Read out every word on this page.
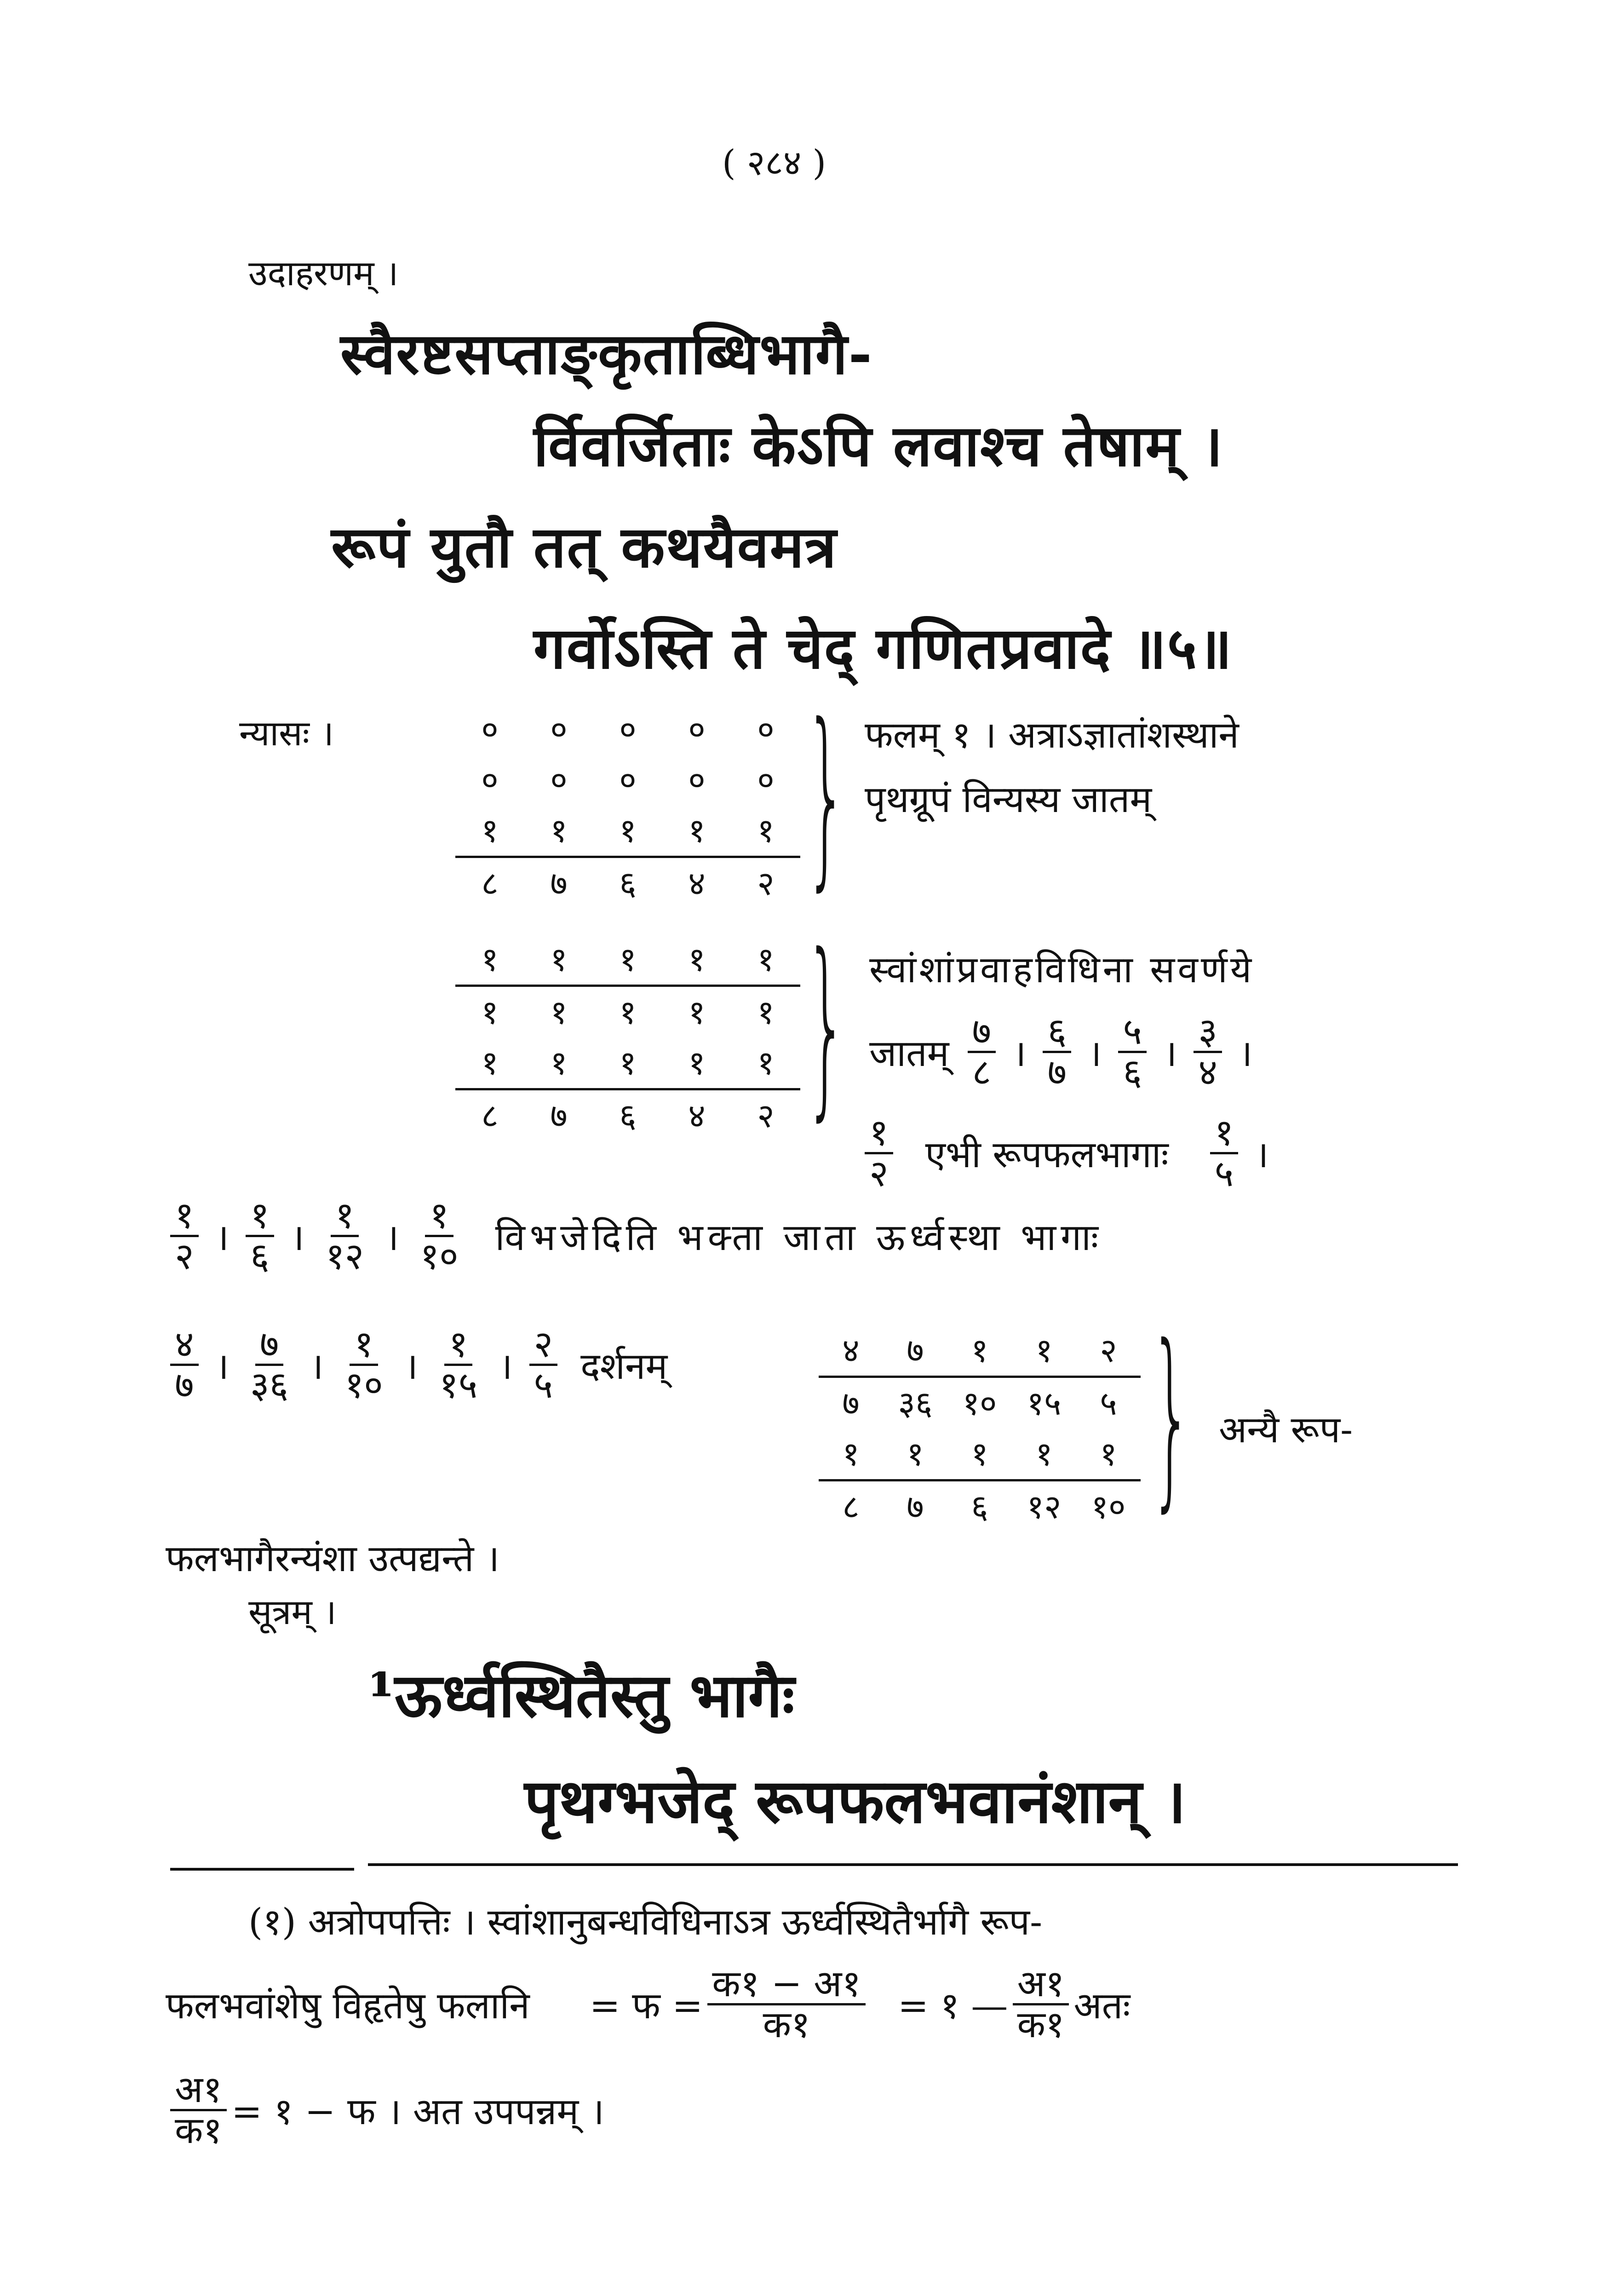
( २८४ )
उदाहरणम् ।
स्वैरष्टसप्ताङ्कृताब्धिभागै-
र्विवर्जिताः केऽपि लवाश्च तेषाम् ।
रूपं युतौ तत् कथयैवमत्र
गर्वोऽस्ति ते चेद् गणितप्रवादे ॥५॥
न्यासः ।	०	०	०	०	०
०	०	०	०	०
१	१	१	१	१
८	७	६	४	२ } फलम् १ । अत्राऽज्ञातांशस्थाने
पृथग्रूपं विन्यस्य जातम्
१	१	१	१	१
१	१	१	१	१
१	१	१	१	१
८	७	६	४	२ } स्वांशांप्रवाहविधिना सवर्णये
जातम् $\frac{७}{८}$ । $\frac{६}{७}$ । $\frac{५}{६}$ । $\frac{३}{४}$ ।
$\frac{१}{२}$ एभी रूपफलभागाः $\frac{१}{५}$ ।
$\frac{१}{२}$ । $\frac{१}{६}$ । $\frac{१}{१२}$ । $\frac{१}{१०}$ विभजेदिति भक्ता जाता ऊर्ध्वस्था भागाः
$\frac{४}{७}$ । $\frac{७}{३६}$ । $\frac{१}{१०}$ । $\frac{१}{१५}$ । $\frac{२}{५}$ दर्शनम्	४	७	१	१	२
७	३६ १० १५	५
१	१	१	१	१
८	७	६	१२ १० } अन्यै रूप-
फलभागैरन्यंशा उत्पद्यन्ते ।
सूत्रम् ।
¹ऊर्ध्वस्थितैस्तु भागैः
पृथग्भजेद् रूपफलभवानंशान् ।
(१) अत्रोपपत्तिः । स्वांशानुबन्धविधिनाऽत्र ऊर्ध्वस्थितैर्भागै रूप-
फलभवांशेषु विहृतेषु फलानि = फ = $\frac{\text{क१ − अ१}}{\text{क१}}$ = १ — $\frac{\text{अ१}}{\text{क१}}$ अतः
$\frac{\text{अ१}}{\text{क१}}$ = १ − फ । अत उपपन्नम् ।
